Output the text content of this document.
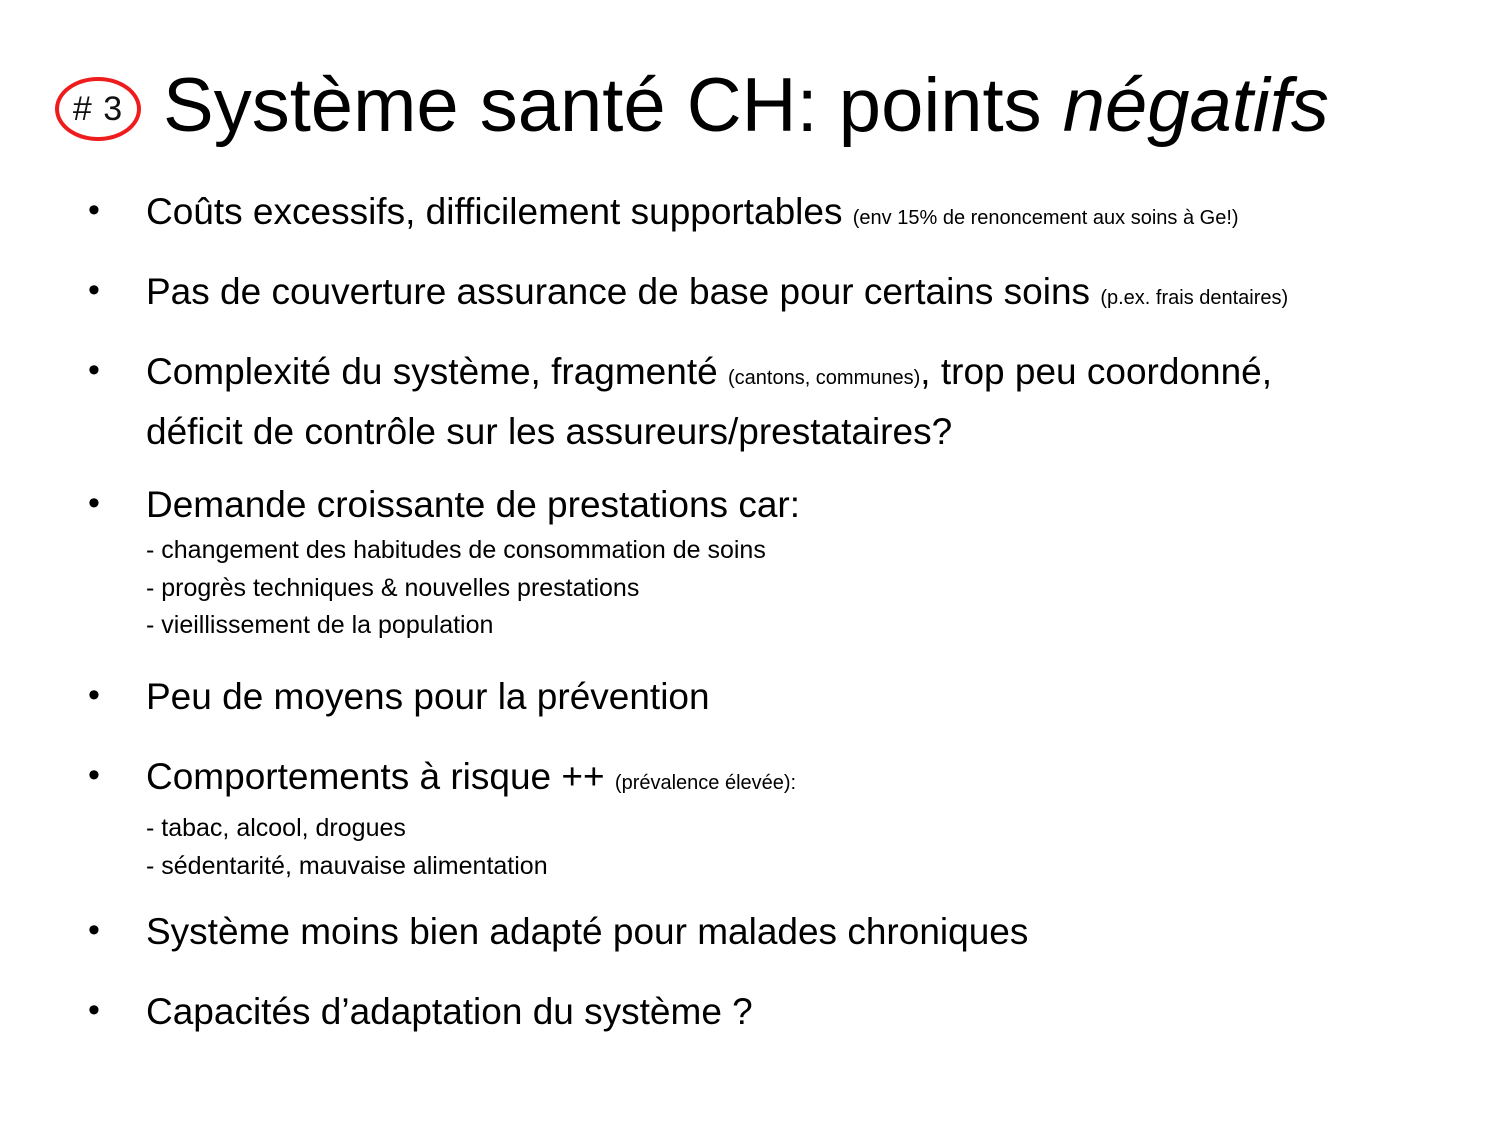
# 3 Système santé CH: points négatifs
•	Coûts excessifs, difficilement supportables (env 15% de renoncement aux soins à Ge!)
•	Pas de couverture assurance de base pour certains soins (p.ex. frais dentaires)
•	Complexité du système, fragmenté (cantons, communes), trop peu coordonné,
déficit de contrôle sur les assureurs/prestataires?
•	Demande croissante de prestations car:
- changement des habitudes de consommation de soins
- progrès techniques & nouvelles prestations
- vieillissement de la population
•	Peu de moyens pour la prévention
•	Comportements à risque ++ (prévalence élevée):
- tabac, alcool, drogues
- sédentarité, mauvaise alimentation
•	Système moins bien adapté pour malades chroniques
•	Capacités d’adaptation du système ?
